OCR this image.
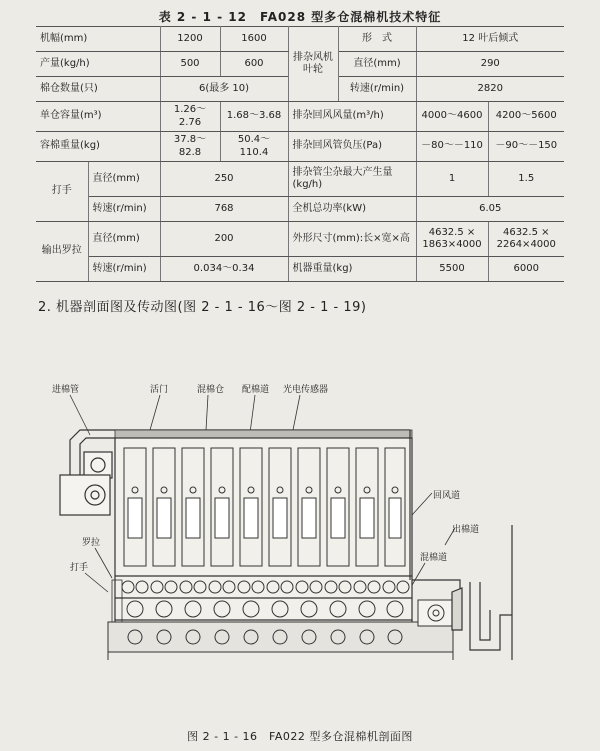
表 2 - 1 - 12　FA028 型多仓混棉机技术特征
机幅(mm)		1200	1600	排杂风机叶轮	形　式	12 叶后倾式	
产量(kg/h)		500	600		直径(mm)	290	
棉仓数量(只)		6(最多 10)			转速(r/min)	2820	
单仓容量(m³)		1.26～2.76	1.68～3.68	排杂回风风量(m³/h)		4000～4600	4200～5600
容棉重量(kg)		37.8～82.8	50.4～110.4	排杂回风管负压(Pa)		－80～－110	－90～－150
打手	直径(mm)	250		排杂管尘杂最大产生量(kg/h)		1	1.5
	转速(r/min)	768		全机总功率(kW)		6.05	
输出罗拉	直径(mm)	200		外形尺寸(mm):长×宽×高		4632.5 × 1863×4000	4632.5 × 2264×4000
	转速(r/min)	0.034～0.34		机器重量(kg)		5500	6000
2. 机器剖面图及传动图(图 2 - 1 - 16～图 2 - 1 - 19)
进棉管	活门	混棉仓 配棉道 光电传感器
回风道
出棉道
混棉道
罗拉
打手
图 2 - 1 - 16　FA022 型多仓混棉机剖面图
